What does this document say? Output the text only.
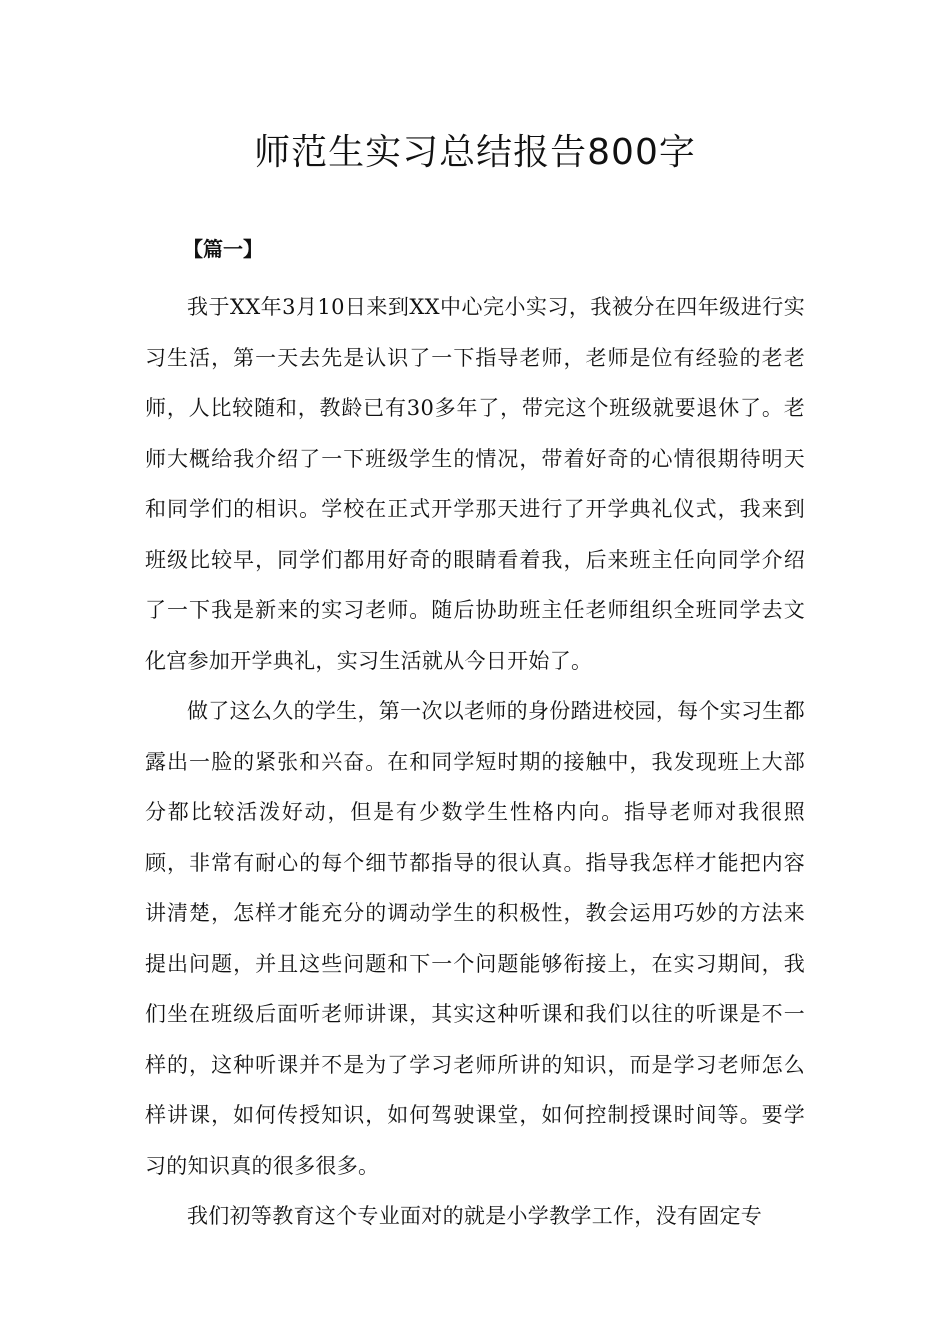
师范生实习总结报告800字
【篇一】

我于XX年3月10日来到XX中心完小实习，我被分在四年级进行实习生活，第一天去先是认识了一下指导老师，老师是位有经验的老老师，人比较随和，教龄已有30多年了，带完这个班级就要退休了。老师大概给我介绍了一下班级学生的情况，带着好奇的心情很期待明天和同学们的相识。学校在正式开学那天进行了开学典礼仪式，我来到班级比较早，同学们都用好奇的眼睛看着我，后来班主任向同学介绍了一下我是新来的实习老师。随后协助班主任老师组织全班同学去文化宫参加开学典礼，实习生活就从今日开始了。

做了这么久的学生，第一次以老师的身份踏进校园，每个实习生都露出一脸的紧张和兴奋。在和同学短时期的接触中，我发现班上大部分都比较活泼好动，但是有少数学生性格内向。指导老师对我很照顾，非常有耐心的每个细节都指导的很认真。指导我怎样才能把内容讲清楚，怎样才能充分的调动学生的积极性，教会运用巧妙的方法来提出问题，并且这些问题和下一个问题能够衔接上，在实习期间，我们坐在班级后面听老师讲课，其实这种听课和我们以往的听课是不一样的，这种听课并不是为了学习老师所讲的知识，而是学习老师怎么样讲课，如何传授知识，如何驾驶课堂，如何控制授课时间等。要学习的知识真的很多很多。

我们初等教育这个专业面对的就是小学教学工作，没有固定专
